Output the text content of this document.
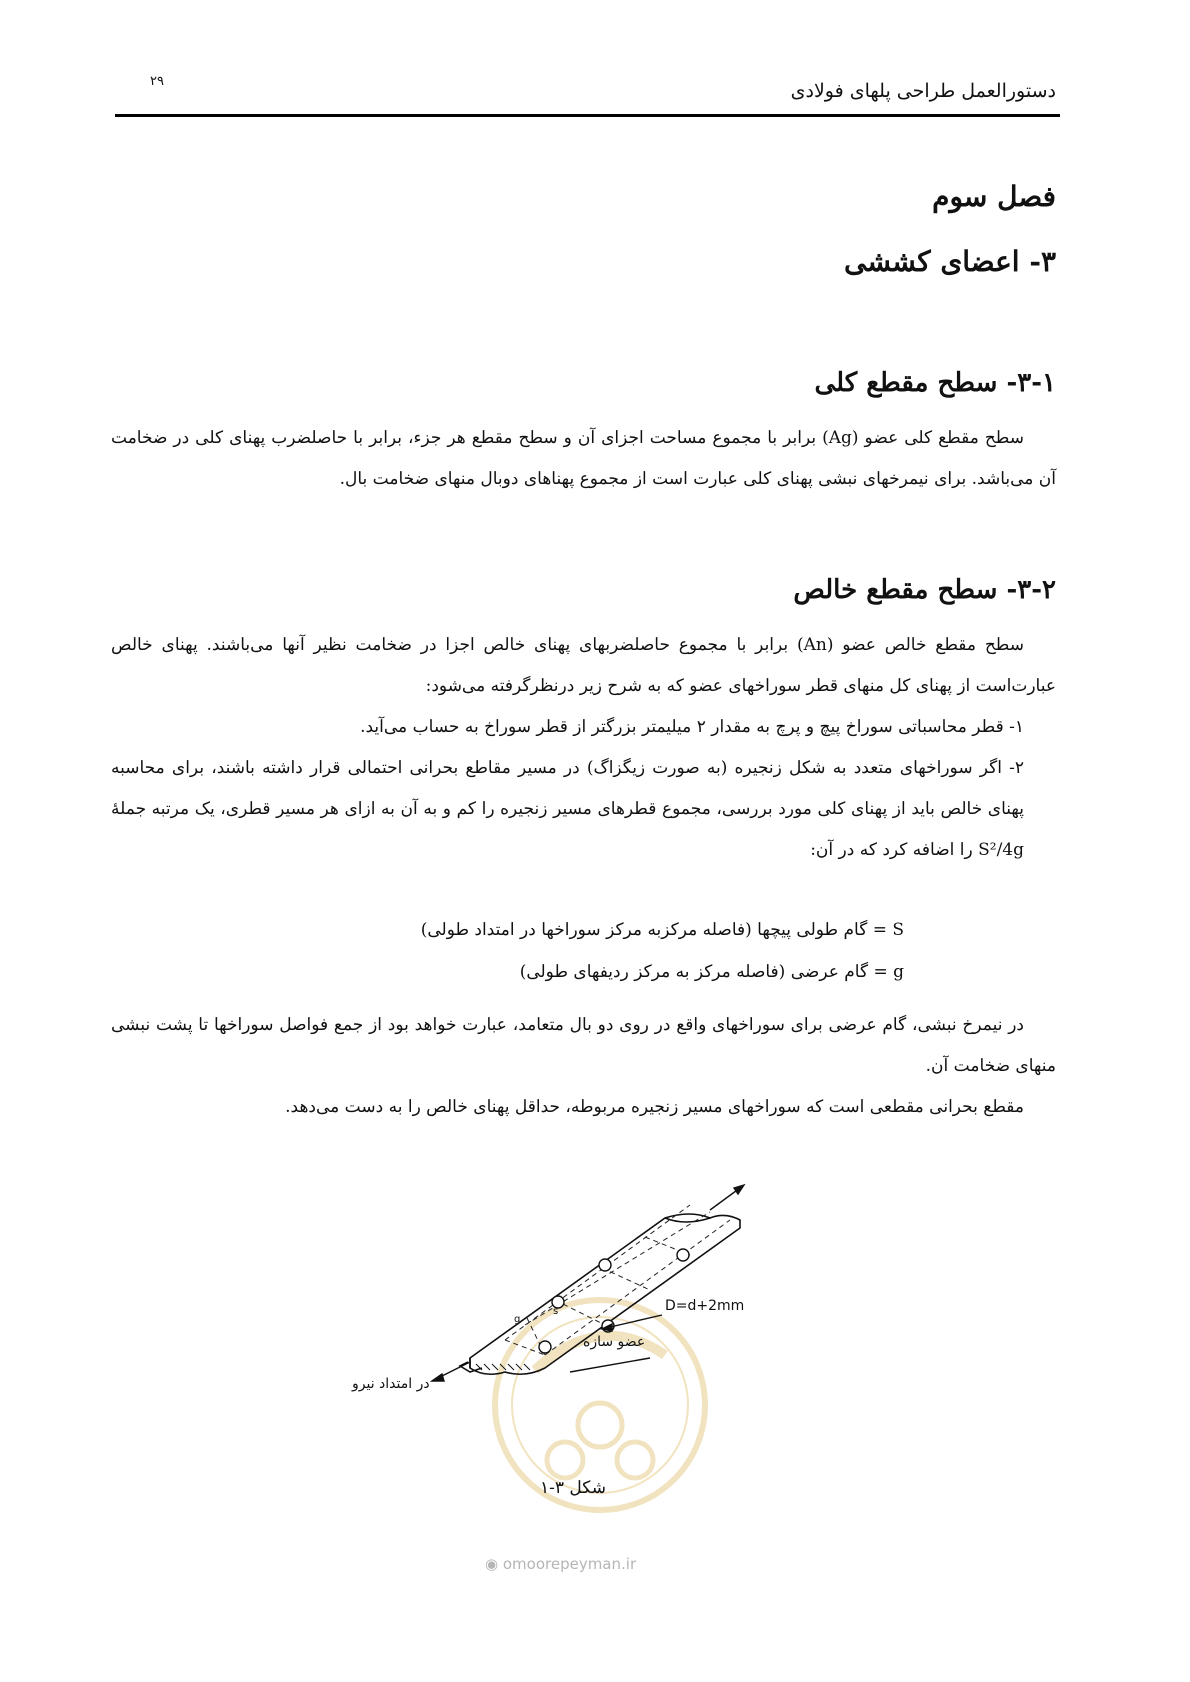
دستورالعمل طراحی پلهای فولادی
۲۹
فصل سوم
۳- اعضای کششی
۳-۱- سطح مقطع کلی
سطح مقطع کلی عضو (Ag) برابر با مجموع مساحت اجزای آن و سطح مقطع هر جزء، برابر با حاصلضرب پهنای کلی در ضخامت آن می‌باشد. برای نیمرخهای نبشی پهنای کلی عبارت است از مجموع پهناهای دوبال منهای ضخامت بال.
۳-۲- سطح مقطع خالص
سطح مقطع خالص عضو (An) برابر با مجموع حاصلضربهای پهنای خالص اجزا در ضخامت نظیر آنها می‌باشند. پهنای خالص عبارت‌است از پهنای کل منهای قطر سوراخهای عضو که به شرح زیر درنظرگرفته می‌شود:
۱- قطر محاسباتی سوراخ پیچ و پرچ به مقدار ۲ میلیمتر بزرگتر از قطر سوراخ به حساب می‌آید.
۲- اگر سوراخهای متعدد به شکل زنجیره (به صورت زیگزاگ) در مسیر مقاطع بحرانی احتمالی قرار داشته باشند، برای محاسبه پهنای خالص باید از پهنای کلی مورد بررسی، مجموع قطرهای مسیر زنجیره را کم و به آن به ازای هر مسیر قطری، یک مرتبه جملهٔ S²/4g را اضافه کرد که در آن:
S = گام طولی پیچها (فاصله مرکزبه مرکز سوراخها در امتداد طولی)
g = گام عرضی (فاصله مرکز به مرکز ردیفهای طولی)
در نیمرخ نبشی، گام عرضی برای سوراخهای واقع در روی دو بال متعامد، عبارت خواهد بود از جمع فواصل سوراخها تا پشت نبشی منهای ضخامت آن.
مقطع بحرانی مقطعی است که سوراخهای مسیر زنجیره مربوطه، حداقل پهنای خالص را به دست می‌دهد.
D=d+2mm
عضو سازه
در امتداد نیرو
s
g
شکل ۳-۱
◉ omoorepeyman.ir
